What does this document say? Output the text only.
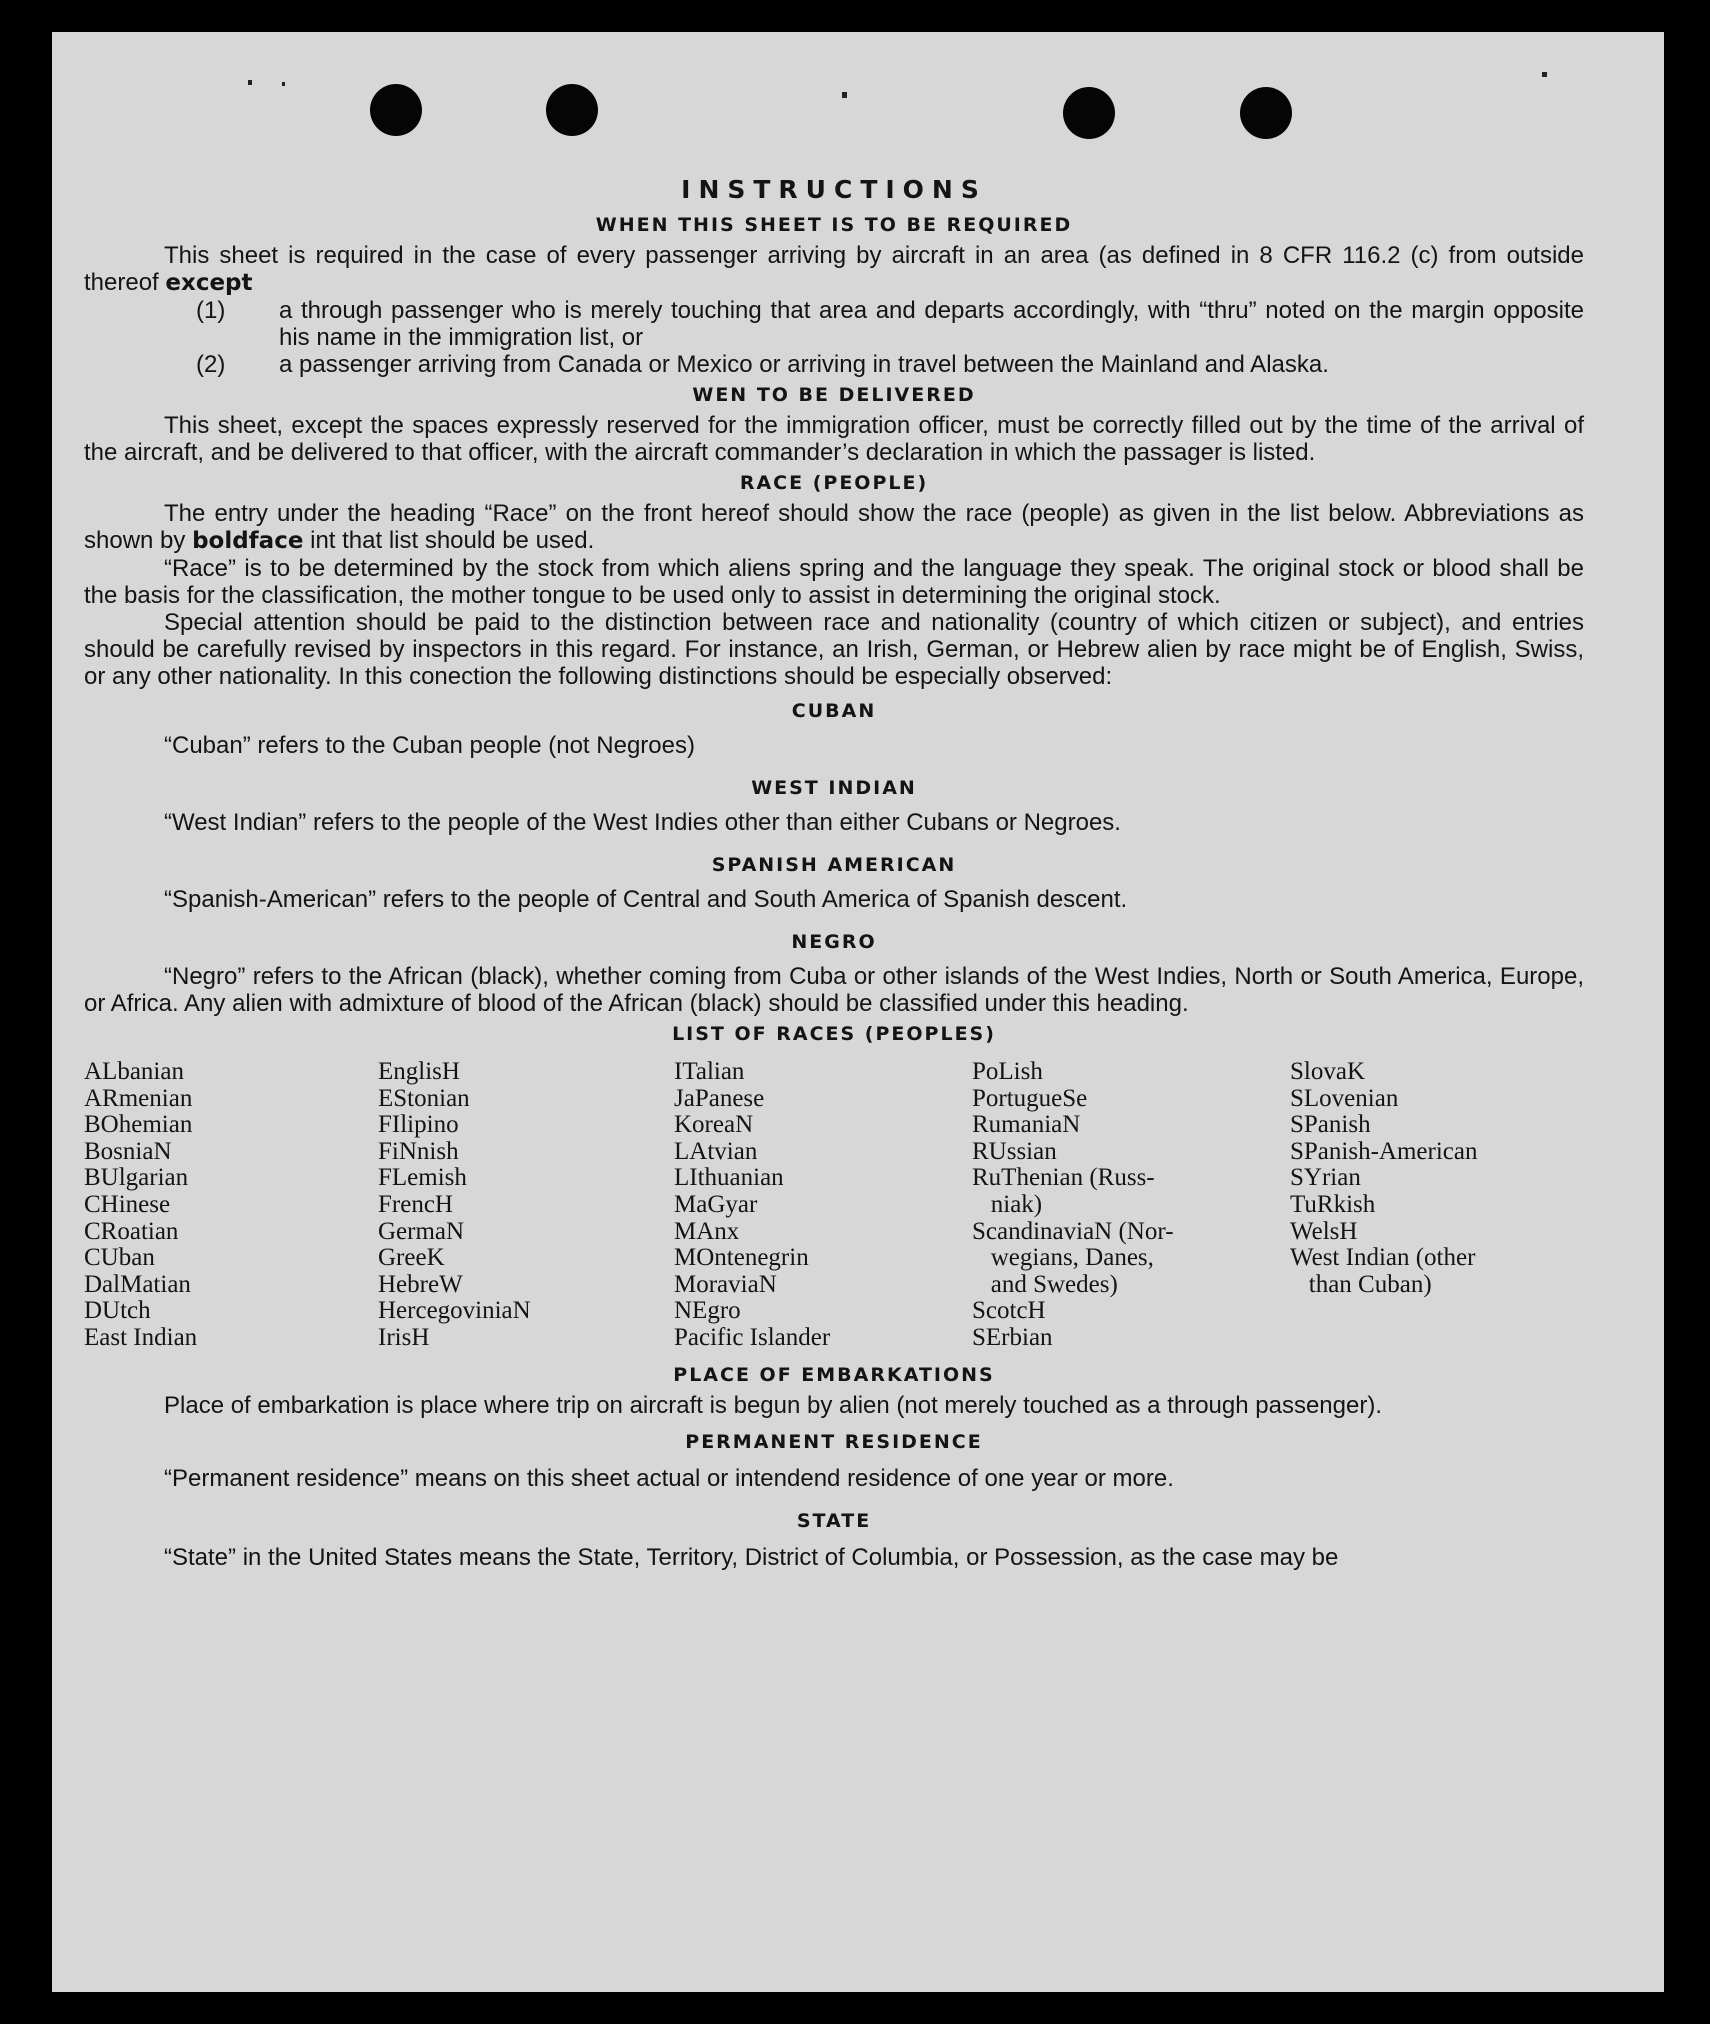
INSTRUCTIONS
WHEN THIS SHEET IS TO BE REQUIRED

This sheet is required in the case of every passenger arriving by aircraft in an area (as defined in 8 CFR 116.2 (c) from outside thereof except

(1) a through passenger who is merely touching that area and departs accordingly, with “thru” noted on the margin opposite his name in the immigration list, or
(2) a passenger arriving from Canada or Mexico or arriving in travel between the Mainland and Alaska.
WEN TO BE DELIVERED

This sheet, except the spaces expressly reserved for the immigration officer, must be correctly filled out by the time of the arrival of the aircraft, and be delivered to that officer, with the aircraft commander’s declaration in which the passager is listed.

RACE (PEOPLE)

The entry under the heading “Race” on the front hereof should show the race (people) as given in the list below. Abbreviations as shown by boldface int that list should be used.

“Race” is to be determined by the stock from which aliens spring and the language they speak. The original stock or blood shall be the basis for the classification, the mother tongue to be used only to assist in determining the original stock.

Special attention should be paid to the distinction between race and nationality (country of which citizen or subject), and entries should be carefully revised by inspectors in this regard. For instance, an Irish, German, or Hebrew alien by race might be of English, Swiss, or any other nationality. In this conection the following distinctions should be especially observed:

CUBAN

“Cuban” refers to the Cuban people (not Negroes)

WEST INDIAN

“West Indian” refers to the people of the West Indies other than either Cubans or Negroes.

SPANISH AMERICAN

“Spanish-American” refers to the people of Central and South America of Spanish descent.

NEGRO

“Negro” refers to the African (black), whether coming from Cuba or other islands of the West Indies, North or South America, Europe, or Africa. Any alien with admixture of blood of the African (black) should be classified under this heading.

LIST OF RACES (PEOPLES)
ALbanian
ARmenian
BOhemian
BosniaN
BUlgarian
CHinese
CRoatian
CUban
DalMatian
DUtch
East Indian
EnglisH
EStonian
FIlipino
FiNnish
FLemish
FrencH
GermaN
GreeK
HebreW
HercegoviniaN
IrisH
ITalian
JaPanese
KoreaN
LAtvian
LIthuanian
MaGyar
MAnx
MOntenegrin
MoraviaN
NEgro
Pacific Islander
PoLish
PortugueSe
RumaniaN
RUssian
RuThenian (Russ-
niak)
ScandinaviaN (Nor-
wegians, Danes,
and Swedes)
ScotcH
SErbian
SlovaK
SLovenian
SPanish
SPanish-American
SYrian
TuRkish
WelsH
West Indian (other
than Cuban)
PLACE OF EMBARKATIONS

Place of embarkation is place where trip on aircraft is begun by alien (not merely touched as a through passenger).

PERMANENT RESIDENCE

“Permanent residence” means on this sheet actual or intendend residence of one year or more.

STATE

“State” in the United States means the State, Territory, District of Columbia, or Possession, as the case may be
